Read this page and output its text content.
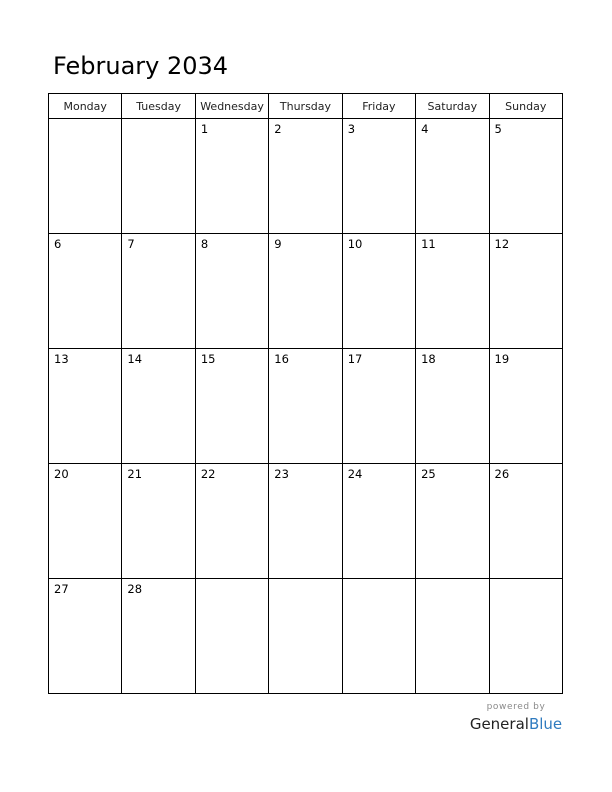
February 2034
Monday	Tuesday	Wednesday	Thursday	Friday	Saturday	Sunday

		1	2	3	4	5

6	7	8	9	10	11	12

13	14	15	16	17	18	19

20	21	22	23	24	25	26

27	28					

powered by
GeneralBlue
